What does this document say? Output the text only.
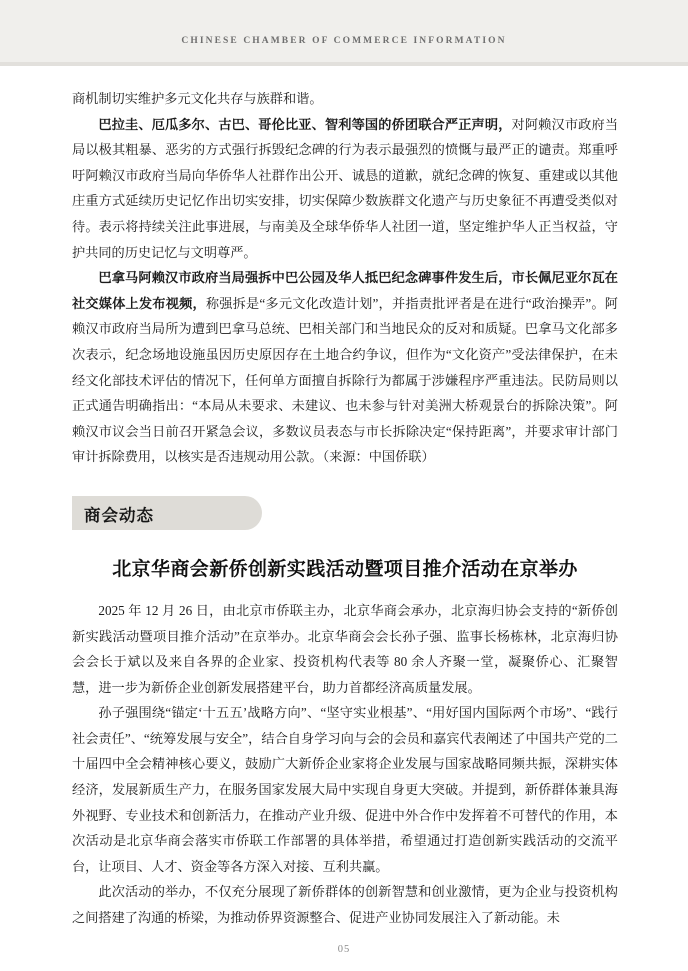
CHINESE CHAMBER OF COMMERCE INFORMATION

商机制切实维护多元文化共存与族群和谐。

巴拉圭、厄瓜多尔、古巴、哥伦比亚、智利等国的侨团联合严正声明，对阿赖汉市政府当局以极其粗暴、恶劣的方式强行拆毁纪念碑的行为表示最强烈的愤慨与最严正的谴责。郑重呼吁阿赖汉市政府当局向华侨华人社群作出公开、诚恳的道歉，就纪念碑的恢复、重建或以其他庄重方式延续历史记忆作出切实安排，切实保障少数族群文化遗产与历史象征不再遭受类似对待。表示将持续关注此事进展，与南美及全球华侨华人社团一道，坚定维护华人正当权益，守护共同的历史记忆与文明尊严。

巴拿马阿赖汉市政府当局强拆中巴公园及华人抵巴纪念碑事件发生后，市长佩尼亚尔瓦在社交媒体上发布视频，称强拆是“多元文化改造计划”，并指责批评者是在进行“政治操弄”。阿赖汉市政府当局所为遭到巴拿马总统、巴相关部门和当地民众的反对和质疑。巴拿马文化部多次表示，纪念场地设施虽因历史原因存在土地合约争议，但作为“文化资产”受法律保护，在未经文化部技术评估的情况下，任何单方面擅自拆除行为都属于涉嫌程序严重违法。民防局则以正式通告明确指出：“本局从未要求、未建议、也未参与针对美洲大桥观景台的拆除决策”。阿赖汉市议会当日前召开紧急会议，多数议员表态与市长拆除决定“保持距离”，并要求审计部门审计拆除费用，以核实是否违规动用公款。（来源：中国侨联）

商会动态
北京华商会新侨创新实践活动暨项目推介活动在京举办

2025 年 12 月 26 日，由北京市侨联主办，北京华商会承办，北京海归协会支持的“新侨创新实践活动暨项目推介活动”在京举办。北京华商会会长孙子强、监事长杨栋林，北京海归协会会长于斌以及来自各界的企业家、投资机构代表等 80 余人齐聚一堂，凝聚侨心、汇聚智慧，进一步为新侨企业创新发展搭建平台，助力首都经济高质量发展。

孙子强围绕“锚定‘十五五’战略方向”、“坚守实业根基”、“用好国内国际两个市场”、“践行社会责任”、“统筹发展与安全”，结合自身学习向与会的会员和嘉宾代表阐述了中国共产党的二十届四中全会精神核心要义，鼓励广大新侨企业家将企业发展与国家战略同频共振，深耕实体经济，发展新质生产力，在服务国家发展大局中实现自身更大突破。并提到，新侨群体兼具海外视野、专业技术和创新活力，在推动产业升级、促进中外合作中发挥着不可替代的作用，本次活动是北京华商会落实市侨联工作部署的具体举措，希望通过打造创新实践活动的交流平台，让项目、人才、资金等各方深入对接、互利共赢。

此次活动的举办，不仅充分展现了新侨群体的创新智慧和创业激情，更为企业与投资机构之间搭建了沟通的桥梁，为推动侨界资源整合、促进产业协同发展注入了新动能。未

05
